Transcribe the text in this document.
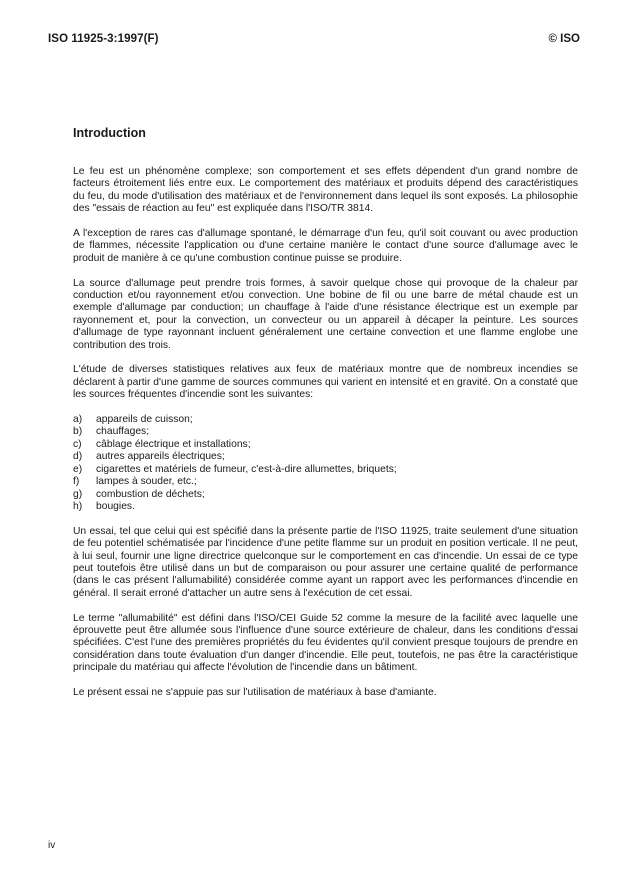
ISO 11925-3:1997(F)	© ISO
Introduction

Le feu est un phénomène complexe; son comportement et ses effets dépendent d'un grand nombre de facteurs étroitement liés entre eux. Le comportement des matériaux et produits dépend des caractéristiques du feu, du mode d'utilisation des matériaux et de l'environnement dans lequel ils sont exposés. La philosophie des "essais de réaction au feu" est expliquée dans l'ISO/TR 3814.

A l'exception de rares cas d'allumage spontané, le démarrage d'un feu, qu'il soit couvant ou avec production de flammes, nécessite l'application ou d'une certaine manière le contact d'une source d'allumage avec le produit de manière à ce qu'une combustion continue puisse se produire.

La source d'allumage peut prendre trois formes, à savoir quelque chose qui provoque de la chaleur par conduction et/ou rayonnement et/ou convection. Une bobine de fil ou une barre de métal chaude est un exemple d'allumage par conduction; un chauffage à l'aide d'une résistance électrique est un exemple par rayonnement et, pour la convection, un convecteur ou un appareil à décaper la peinture. Les sources d'allumage de type rayonnant incluent généralement une certaine convection et une flamme englobe une contribution des trois.

L'étude de diverses statistiques relatives aux feux de matériaux montre que de nombreux incendies se déclarent à partir d'une gamme de sources communes qui varient en intensité et en gravité. On a constaté que les sources fréquentes d'incendie sont les suivantes:

a)	appareils de cuisson;
b)	chauffages;
c)	câblage électrique et installations;
d)	autres appareils électriques;
e)	cigarettes et matériels de fumeur, c'est-à-dire allumettes, briquets;
f)	lampes à souder, etc.;
g)	combustion de déchets;
h)	bougies.

Un essai, tel que celui qui est spécifié dans la présente partie de l'ISO 11925, traite seulement d'une situation de feu potentiel schématisée par l'incidence d'une petite flamme sur un produit en position verticale. Il ne peut, à lui seul, fournir une ligne directrice quelconque sur le comportement en cas d'incendie. Un essai de ce type peut toutefois être utilisé dans un but de comparaison ou pour assurer une certaine qualité de performance (dans le cas présent l'allumabilité) considérée comme ayant un rapport avec les performances d'incendie en général. Il serait erroné d'attacher un autre sens à l'exécution de cet essai.

Le terme "allumabilité" est défini dans l'ISO/CEI Guide 52 comme la mesure de la facilité avec laquelle une éprouvette peut être allumée sous l'influence d'une source extérieure de chaleur, dans les conditions d'essai spécifiées. C'est l'une des premières propriétés du feu évidentes qu'il convient presque toujours de prendre en considération dans toute évaluation d'un danger d'incendie. Elle peut, toutefois, ne pas être la caractéristique principale du matériau qui affecte l'évolution de l'incendie dans un bâtiment.

Le présent essai ne s'appuie pas sur l'utilisation de matériaux à base d'amiante.

iv
